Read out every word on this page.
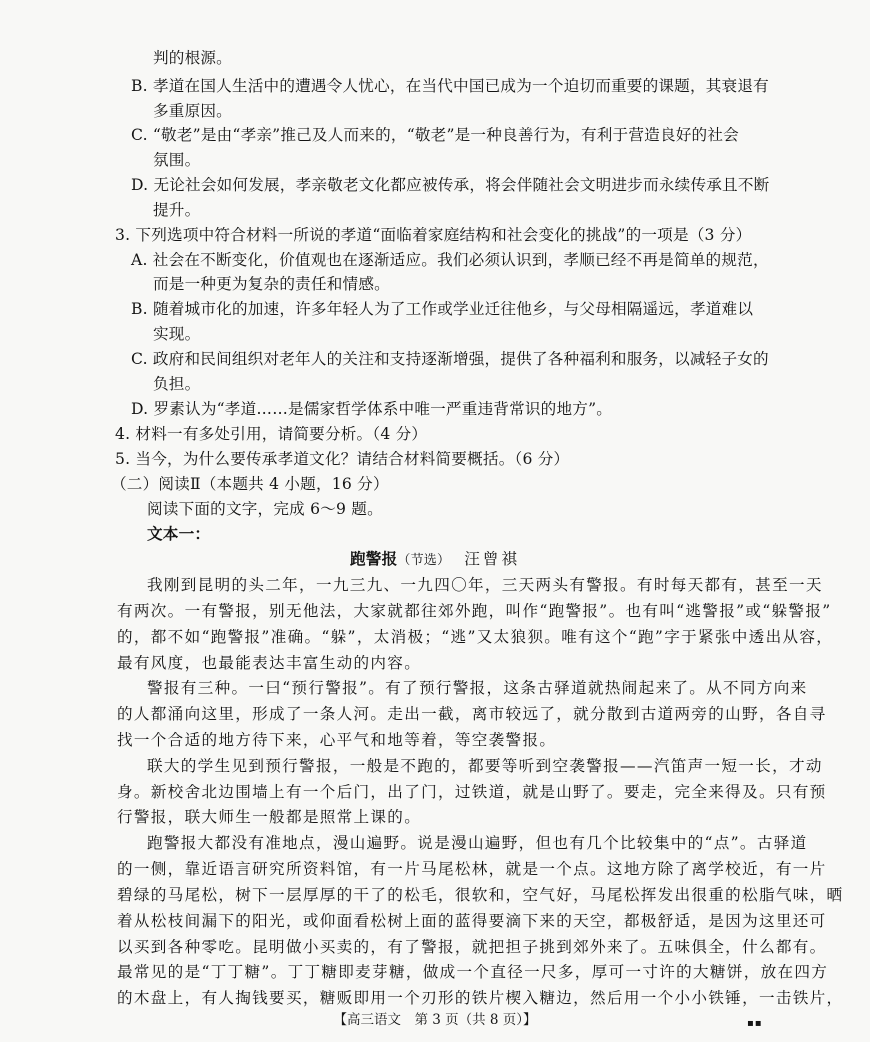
判的根源。
B. 孝道在国人生活中的遭遇令人忧心，在当代中国已成为一个迫切而重要的课题，其衰退有
多重原因。
C. “敬老”是由“孝亲”推己及人而来的，“敬老”是一种良善行为，有利于营造良好的社会
氛围。
D. 无论社会如何发展，孝亲敬老文化都应被传承，将会伴随社会文明进步而永续传承且不断
提升。
3. 下列选项中符合材料一所说的孝道“面临着家庭结构和社会变化的挑战”的一项是（3 分）
A. 社会在不断变化，价值观也在逐渐适应。我们必须认识到，孝顺已经不再是简单的规范，
而是一种更为复杂的责任和情感。
B. 随着城市化的加速，许多年轻人为了工作或学业迁往他乡，与父母相隔遥远，孝道难以
实现。
C. 政府和民间组织对老年人的关注和支持逐渐增强，提供了各种福利和服务，以减轻子女的
负担。
D. 罗素认为“孝道……是儒家哲学体系中唯一严重违背常识的地方”。
4. 材料一有多处引用，请简要分析。（4 分）
5. 当今，为什么要传承孝道文化？请结合材料简要概括。（6 分）
（二）阅读Ⅱ（本题共 4 小题，16 分）
阅读下面的文字，完成 6～9 题。
文本一：
跑警报（节选） 汪曾祺
我刚到昆明的头二年，一九三九、一九四〇年，三天两头有警报。有时每天都有，甚至一天
有两次。一有警报，别无他法，大家就都往郊外跑，叫作“跑警报”。也有叫“逃警报”或“躲警报”
的，都不如“跑警报”准确。“躲”，太消极；“逃”又太狼狈。唯有这个“跑”字于紧张中透出从容，
最有风度，也最能表达丰富生动的内容。
警报有三种。一曰“预行警报”。有了预行警报，这条古驿道就热闹起来了。从不同方向来
的人都涌向这里，形成了一条人河。走出一截，离市较远了，就分散到古道两旁的山野，各自寻
找一个合适的地方待下来，心平气和地等着，等空袭警报。
联大的学生见到预行警报，一般是不跑的，都要等听到空袭警报——汽笛声一短一长，才动
身。新校舍北边围墙上有一个后门，出了门，过铁道，就是山野了。要走，完全来得及。只有预
行警报，联大师生一般都是照常上课的。
跑警报大都没有准地点，漫山遍野。说是漫山遍野，但也有几个比较集中的“点”。古驿道
的一侧，靠近语言研究所资料馆，有一片马尾松林，就是一个点。这地方除了离学校近，有一片
碧绿的马尾松，树下一层厚厚的干了的松毛，很软和，空气好，马尾松挥发出很重的松脂气味，晒
着从松枝间漏下的阳光，或仰面看松树上面的蓝得要滴下来的天空，都极舒适，是因为这里还可
以买到各种零吃。昆明做小买卖的，有了警报，就把担子挑到郊外来了。五味俱全，什么都有。
最常见的是“丁丁糖”。丁丁糖即麦芽糖，做成一个直径一尺多，厚可一寸许的大糖饼，放在四方
的木盘上，有人掏钱要买，糖贩即用一个刃形的铁片楔入糖边，然后用一个小小铁锤，一击铁片，
【高三语文　第 3 页（共 8 页）】	▪▪
